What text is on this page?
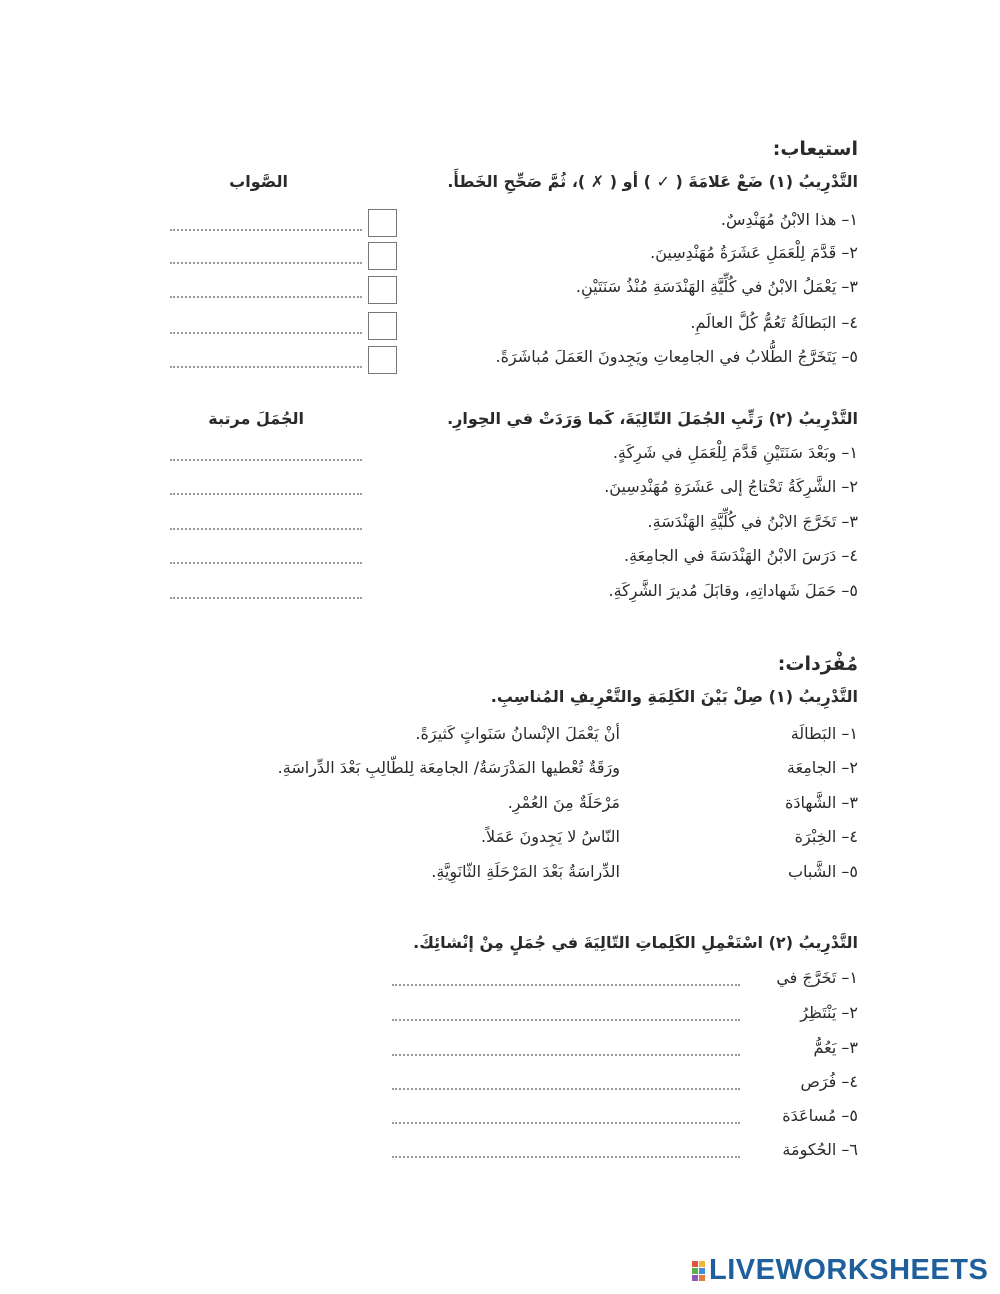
استيعاب:
التَّدْرِيبُ (١) ضَعْ عَلامَةَ ( ✓ ) أو ( ✗ )، ثُمَّ صَحِّحِ الخَطأَ.
الصَّواب
١– هذا الابْنُ مُهَنْدِسٌ.
٢– قَدَّمَ لِلْعَمَلِ عَشَرَةُ مُهَنْدِسِينَ.
٣– يَعْمَلُ الابْنُ في كُلِّيَّةِ الهَنْدَسَةِ مُنْذُ سَنَتَيْنِ.
٤– البَطالَةُ تَعُمُّ كُلَّ العالَمِ.
٥– يَتَخَرَّجُ الطُّلابُ في الجامِعاتِ ويَجِدونَ العَمَلَ مُباشَرَةً.
التَّدْرِيبُ (٢) رَتِّبِ الجُمَلَ التّالِيَةَ، كَما وَرَدَتْ في الحِوارِ.
الجُمَلَ مرتبة
١– وبَعْدَ سَنَتَيْنِ قَدَّمَ لِلْعَمَلِ في شَرِكَةٍ.
٢– الشَّرِكَةُ تَحْتاجُ إلى عَشَرَةِ مُهَنْدِسِينَ.
٣– تَخَرَّجَ الابْنُ في كُلِّيَّةِ الهَنْدَسَةِ.
٤– دَرَسَ الابْنُ الهَنْدَسَةَ في الجامِعَةِ.
٥– حَمَلَ شَهاداتِهِ، وقابَلَ مُديرَ الشَّرِكَةِ.
مُفْرَدات:
التَّدْرِيبُ (١) صِلْ بَيْنَ الكَلِمَةِ والتَّعْرِيفِ المُناسِبِ.
١– البَطالَة
٢– الجامِعَة
٣– الشَّهادَة
٤– الخِبْرَة
٥– الشَّباب
أنْ يَعْمَلَ الإنْسانُ سَنَواتٍ كَثيرَةً.
ورَقَةٌ تُعْطيها المَدْرَسَةُ/ الجامِعَة لِلطّالِبِ بَعْدَ الدِّراسَةِ.
مَرْحَلَةٌ مِنَ العُمْرِ.
النّاسُ لا يَجِدونَ عَمَلاً.
الدِّراسَةُ بَعْدَ المَرْحَلَةِ الثّانَوِيَّةِ.
التَّدْرِيبُ (٢) اسْتَعْمِلِ الكَلِماتِ التّالِيَةَ في جُمَلٍ مِنْ إنْشائِكَ.
١– تَخَرَّجَ في
٢– يَنْتَظِرُ
٣– يَعُمُّ
٤– فُرَص
٥– مُساعَدَة
٦– الحُكومَة
LIVEWORKSHEETS
